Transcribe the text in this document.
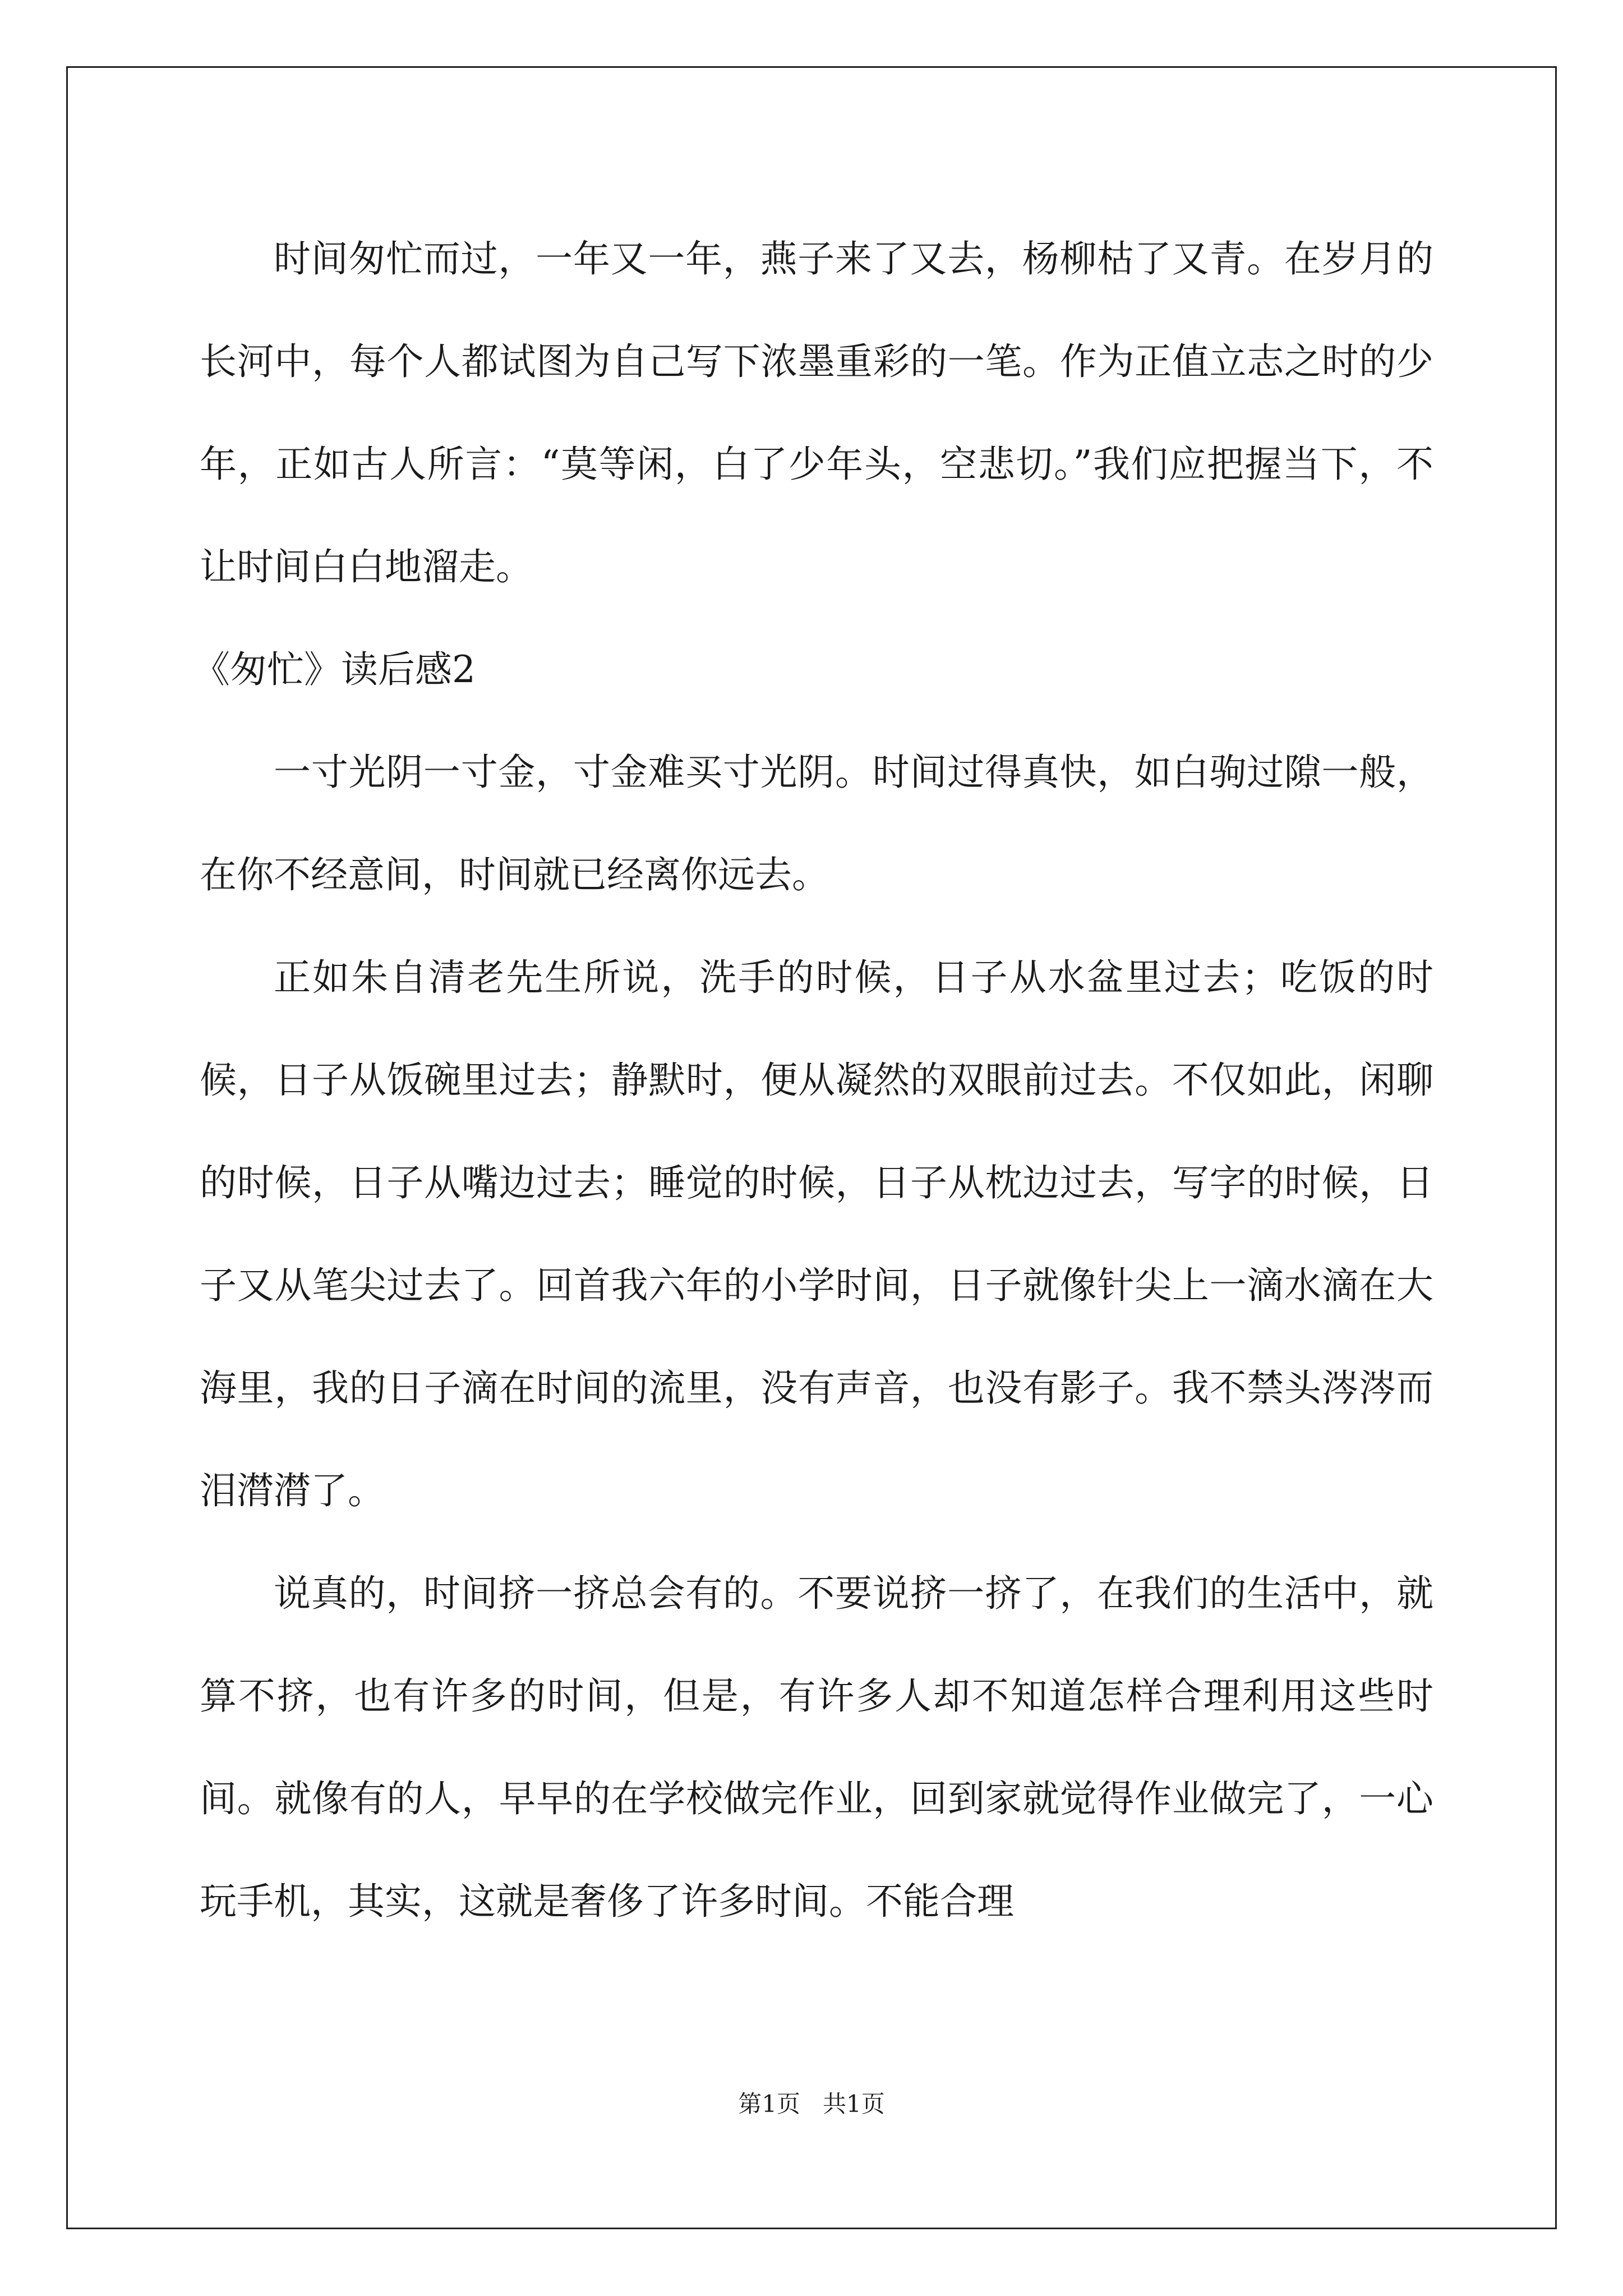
时间匆忙而过，一年又一年，燕子来了又去，杨柳枯了又青。在岁月的长河中，每个人都试图为自己写下浓墨重彩的一笔。作为正值立志之时的少年，正如古人所言：“莫等闲，白了少年头，空悲切。”我们应把握当下，不让时间白白地溜走。

《匆忙》读后感2

一寸光阴一寸金，寸金难买寸光阴。时间过得真快，如白驹过隙一般，在你不经意间，时间就已经离你远去。

正如朱自清老先生所说，洗手的时候，日子从水盆里过去；吃饭的时候，日子从饭碗里过去；静默时，便从凝然的双眼前过去。不仅如此，闲聊的时候，日子从嘴边过去；睡觉的时候，日子从枕边过去，写字的时候，日子又从笔尖过去了。回首我六年的小学时间，日子就像针尖上一滴水滴在大海里，我的日子滴在时间的流里，没有声音，也没有影子。我不禁头涔涔而泪潸潸了。

说真的，时间挤一挤总会有的。不要说挤一挤了，在我们的生活中，就算不挤，也有许多的时间，但是，有许多人却不知道怎样合理利用这些时间。就像有的人，早早的在学校做完作业，回到家就觉得作业做完了，一心玩手机，其实，这就是奢侈了许多时间。不能合理

第1页   共1页
